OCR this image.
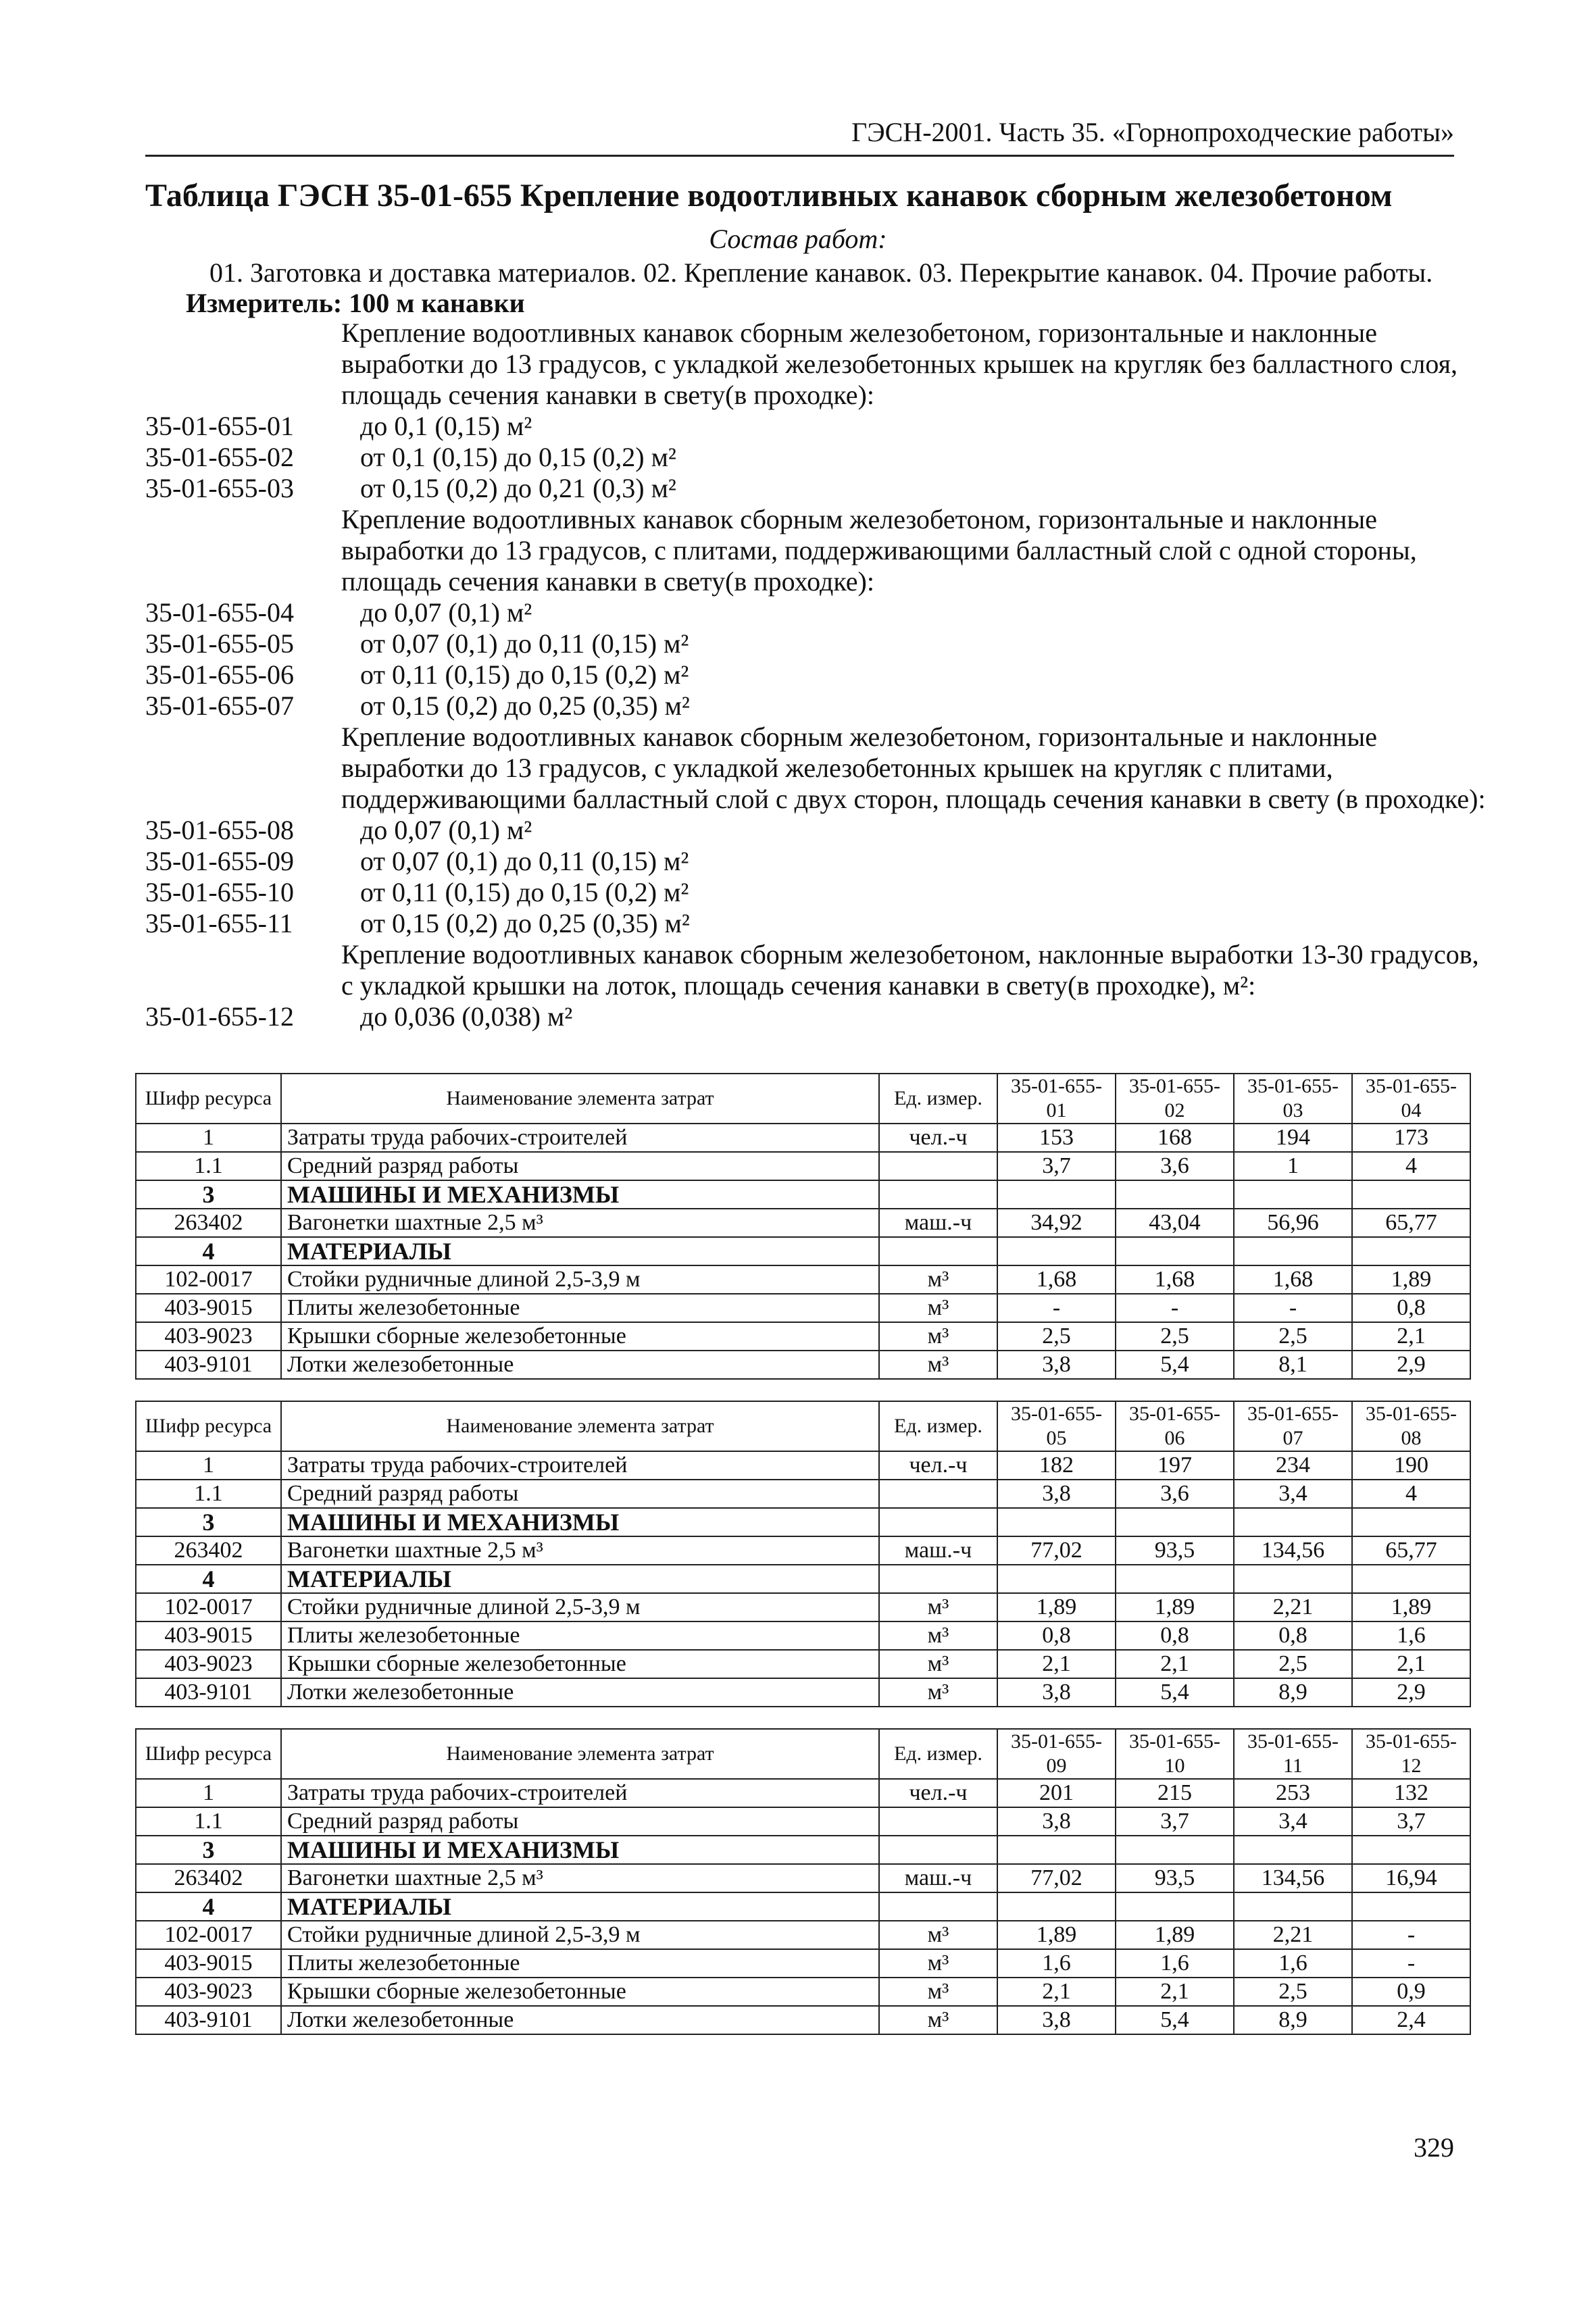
ГЭСН-2001. Часть 35. «Горнопроходческие работы»
Таблица ГЭСН 35-01-655 Крепление водоотливных канавок сборным железобетоном
Состав работ:
01. Заготовка и доставка материалов. 02. Крепление канавок. 03. Перекрытие канавок. 04. Прочие работы.
Измеритель: 100 м канавки
Крепление водоотливных канавок сборным железобетоном, горизонтальные и наклонные выработки до 13 градусов, с укладкой железобетонных крышек на кругляк без балластного слоя, площадь сечения канавки в свету(в проходке):
35-01-655-01	до 0,1 (0,15) м²
35-01-655-02	от 0,1 (0,15) до 0,15 (0,2) м²
35-01-655-03	от 0,15 (0,2) до 0,21 (0,3) м²
Крепление водоотливных канавок сборным железобетоном, горизонтальные и наклонные выработки до 13 градусов, с плитами, поддерживающими балластный слой с одной стороны, площадь сечения канавки в свету(в проходке):
35-01-655-04	до 0,07 (0,1) м²
35-01-655-05	от 0,07 (0,1) до 0,11 (0,15) м²
35-01-655-06	от 0,11 (0,15) до 0,15 (0,2) м²
35-01-655-07	от 0,15 (0,2) до 0,25 (0,35) м²
Крепление водоотливных канавок сборным железобетоном, горизонтальные и наклонные выработки до 13 градусов, с укладкой железобетонных крышек на кругляк с плитами, поддерживающими балластный слой с двух сторон, площадь сечения канавки в свету (в проходке):
35-01-655-08	до 0,07 (0,1) м²
35-01-655-09	от 0,07 (0,1) до 0,11 (0,15) м²
35-01-655-10	от 0,11 (0,15) до 0,15 (0,2) м²
35-01-655-11	от 0,15 (0,2) до 0,25 (0,35) м²
Крепление водоотливных канавок сборным железобетоном, наклонные выработки 13-30 градусов, с укладкой крышки на лоток, площадь сечения канавки в свету(в проходке), м²:
35-01-655-12	до 0,036 (0,038) м²
Шифр ресурса	Наименование элемента затрат	Ед. измер.	35-01-655-01	35-01-655-02	35-01-655-03	35-01-655-04
1	Затраты труда рабочих-строителей	чел.-ч	153	168	194	173
1.1	Средний разряд работы		3,7	3,6	1	4
3	МАШИНЫ И МЕХАНИЗМЫ					
263402	Вагонетки шахтные 2,5 м³	маш.-ч	34,92	43,04	56,96	65,77
4	МАТЕРИАЛЫ					
102-0017	Стойки рудничные длиной 2,5-3,9 м	м³	1,68	1,68	1,68	1,89
403-9015	Плиты железобетонные	м³	-	-	-	0,8
403-9023	Крышки сборные железобетонные	м³	2,5	2,5	2,5	2,1
403-9101	Лотки железобетонные	м³	3,8	5,4	8,1	2,9
Шифр ресурса	Наименование элемента затрат	Ед. измер.	35-01-655-05	35-01-655-06	35-01-655-07	35-01-655-08
1	Затраты труда рабочих-строителей	чел.-ч	182	197	234	190
1.1	Средний разряд работы		3,8	3,6	3,4	4
3	МАШИНЫ И МЕХАНИЗМЫ					
263402	Вагонетки шахтные 2,5 м³	маш.-ч	77,02	93,5	134,56	65,77
4	МАТЕРИАЛЫ					
102-0017	Стойки рудничные длиной 2,5-3,9 м	м³	1,89	1,89	2,21	1,89
403-9015	Плиты железобетонные	м³	0,8	0,8	0,8	1,6
403-9023	Крышки сборные железобетонные	м³	2,1	2,1	2,5	2,1
403-9101	Лотки железобетонные	м³	3,8	5,4	8,9	2,9
Шифр ресурса	Наименование элемента затрат	Ед. измер.	35-01-655-09	35-01-655-10	35-01-655-11	35-01-655-12
1	Затраты труда рабочих-строителей	чел.-ч	201	215	253	132
1.1	Средний разряд работы		3,8	3,7	3,4	3,7
3	МАШИНЫ И МЕХАНИЗМЫ					
263402	Вагонетки шахтные 2,5 м³	маш.-ч	77,02	93,5	134,56	16,94
4	МАТЕРИАЛЫ					
102-0017	Стойки рудничные длиной 2,5-3,9 м	м³	1,89	1,89	2,21	-
403-9015	Плиты железобетонные	м³	1,6	1,6	1,6	-
403-9023	Крышки сборные железобетонные	м³	2,1	2,1	2,5	0,9
403-9101	Лотки железобетонные	м³	3,8	5,4	8,9	2,4
329
